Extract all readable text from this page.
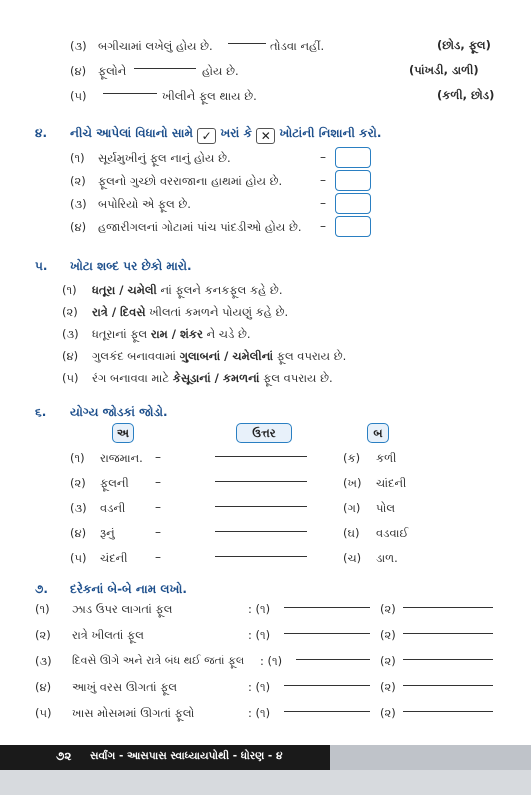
(૩) બગીચામાં લખેલું હોય છે.	તોડવા નહીં.	(છોડ, ફૂલ)
(૪) ફૂલોને	હોય છે.	(પાંખડી, ડાળી)
(૫)	ખીલીને ફૂલ થાય છે.	(કળી, છોડ)
૪. નીચે આપેલાં વિધાનો સામે ✓ ખરાં કે ✕ ખોટાંની નિશાની કરો.
(૧) સૂર્યમુખીનું ફૂલ નાનું હોય છે.	–
(૨) ફૂલનો ગુચ્છો વરરાજાના હાથમાં હોય છે.	–
(૩) બપોરિયો એ ફૂલ છે.	–
(૪) હજારીગલનાં ગોટામાં પાંચ પાંદડીઓ હોય છે. –
૫. ખોટા શબ્દ પર છેકો મારો.
(૧) ધતૂરા / ચમેલી નાં ફૂલને કનકફૂલ કહે છે.
(૨) રાત્રે / દિવસે ખીલતાં કમળને પોયણું કહે છે.
(૩) ધતૂરાનાં ફૂલ રામ / શંકર ને ચડે છે.
(૪) ગુલકંદ બનાવવામાં ગુલાબનાં / ચમેલીનાં ફૂલ વપરાય છે.
(૫) રંગ બનાવવા માટે કેસૂડાનાં / કમળનાં ફૂલ વપરાય છે.
૬. યોગ્ય જોડકાં જોડો.
અ	ઉત્તર	બ
(૧) રાજમાન. –	(ક) કળી
(૨) ફૂલની –	(ખ) ચાંદની
(૩) વડની –	(ગ) પોલ
(૪) રૂનું	–	(ઘ) વડવાઈ
(૫) ચંદની –	(ચ) ડાળ.
૭. દરેકનાં બે-બે નામ લખો.
(૧) ઝાડ ઉપર લાગતાં ફૂલ	: (૧)	(૨)
(૨) રાત્રે ખીલતાં ફૂલ	: (૧)	(૨)
(૩) દિવસે ઊગે અને રાત્રે બંધ થઈ જતાં ફૂલ : (૧)	(૨)
(૪) આખું વરસ ઊગતાં ફૂલ	: (૧)	(૨)
(૫) ખાસ મોસમમાં ઊગતાં ફૂલો	: (૧)	(૨)
૭૨ સર્વાંગ - આસપાસ સ્વાધ્યાયપોથી - ધોરણ - ૪
